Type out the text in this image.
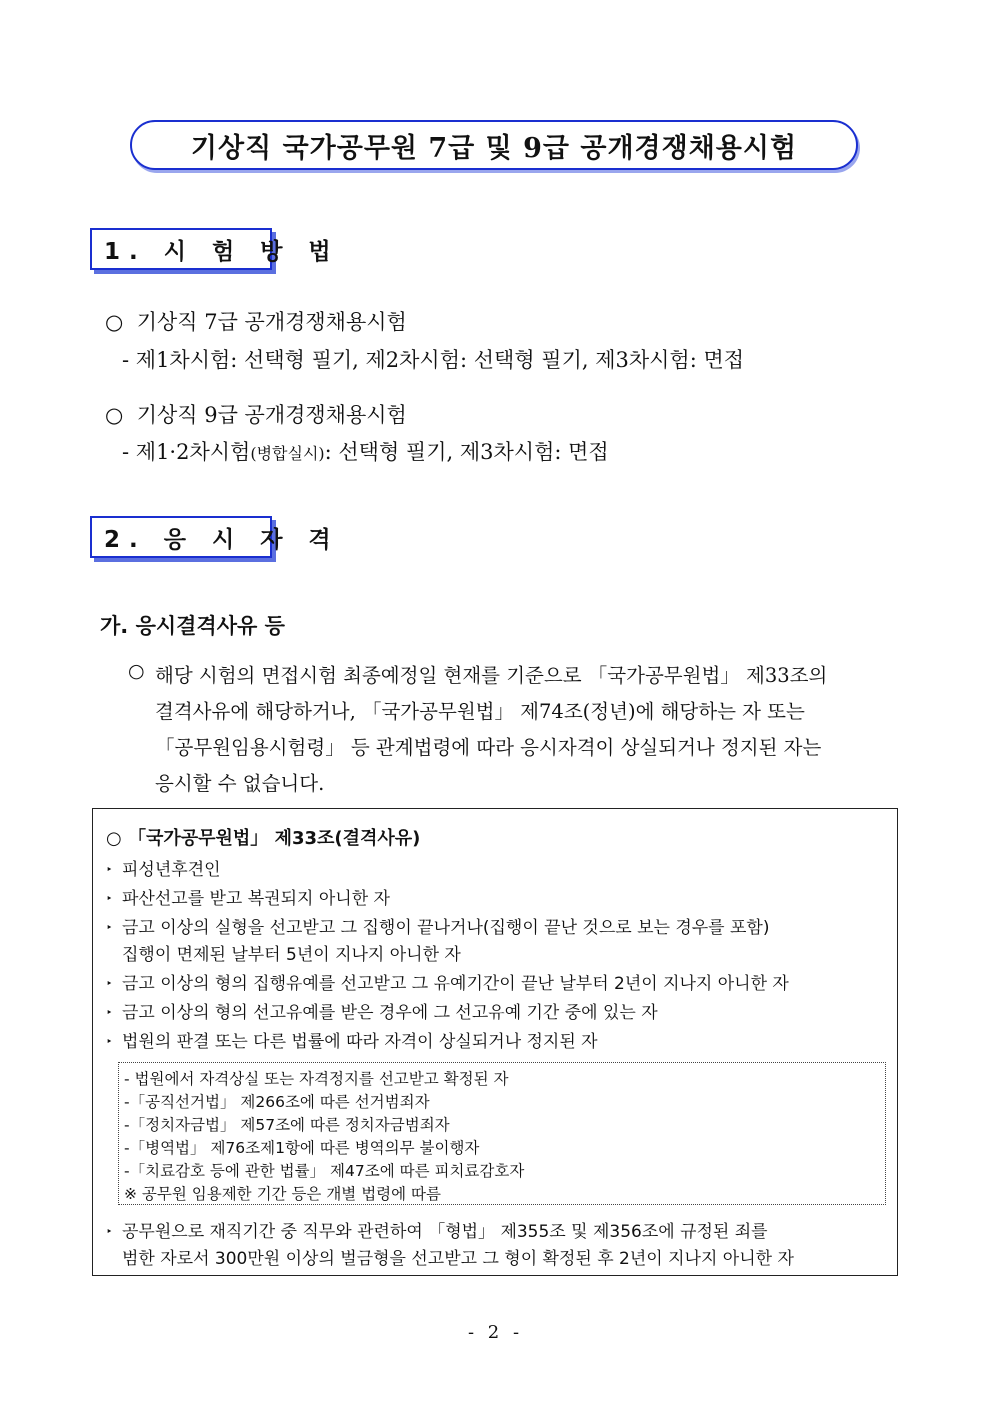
기상직 국가공무원 7급 및 9급 공개경쟁채용시험
1. 시 험 방 법
○ 기상직 7급 공개경쟁채용시험
- 제1차시험: 선택형 필기, 제2차시험: 선택형 필기, 제3차시험: 면접
○ 기상직 9급 공개경쟁채용시험
- 제1·2차시험(병합실시): 선택형 필기, 제3차시험: 면접
2. 응 시 자 격
가. 응시결격사유 등
○ 해당 시험의 면접시험 최종예정일 현재를 기준으로 「국가공무원법」 제33조의
결격사유에 해당하거나, 「국가공무원법」 제74조(정년)에 해당하는 자 또는
「공무원임용시험령」 등 관계법령에 따라 응시자격이 상실되거나 정지된 자는
응시할 수 없습니다.
○ 「국가공무원법」 제33조(결격사유)
‣ 피성년후견인
‣ 파산선고를 받고 복권되지 아니한 자
‣ 금고 이상의 실형을 선고받고 그 집행이 끝나거나(집행이 끝난 것으로 보는 경우를 포함)
집행이 면제된 날부터 5년이 지나지 아니한 자
‣ 금고 이상의 형의 집행유예를 선고받고 그 유예기간이 끝난 날부터 2년이 지나지 아니한 자
‣ 금고 이상의 형의 선고유예를 받은 경우에 그 선고유예 기간 중에 있는 자
‣ 법원의 판결 또는 다른 법률에 따라 자격이 상실되거나 정지된 자
- 법원에서 자격상실 또는 자격정지를 선고받고 확정된 자
-「공직선거법」 제266조에 따른 선거범죄자
-「정치자금법」 제57조에 따른 정치자금범죄자
-「병역법」 제76조제1항에 따른 병역의무 불이행자
-「치료감호 등에 관한 법률」 제47조에 따른 피치료감호자
※ 공무원 임용제한 기간 등은 개별 법령에 따름
‣ 공무원으로 재직기간 중 직무와 관련하여 「형법」 제355조 및 제356조에 규정된 죄를
범한 자로서 300만원 이상의 벌금형을 선고받고 그 형이 확정된 후 2년이 지나지 아니한 자
- 2 -
